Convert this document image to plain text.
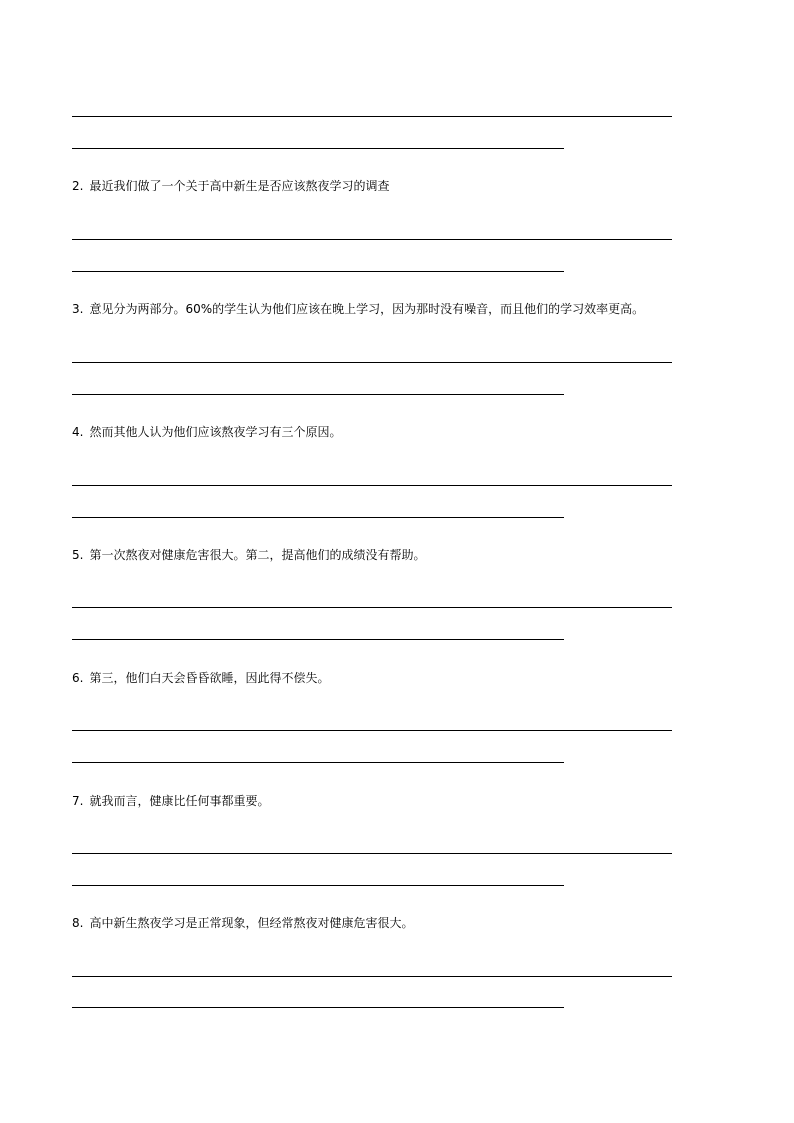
2. 最近我们做了一个关于高中新生是否应该熬夜学习的调查
3. 意见分为两部分。60%的学生认为他们应该在晚上学习，因为那时没有噪音，而且他们的学习效率更高。
4. 然而其他人认为他们应该熬夜学习有三个原因。
5. 第一次熬夜对健康危害很大。第二，提高他们的成绩没有帮助。
6. 第三，他们白天会昏昏欲睡，因此得不偿失。
7. 就我而言，健康比任何事都重要。
8. 高中新生熬夜学习是正常现象，但经常熬夜对健康危害很大。
